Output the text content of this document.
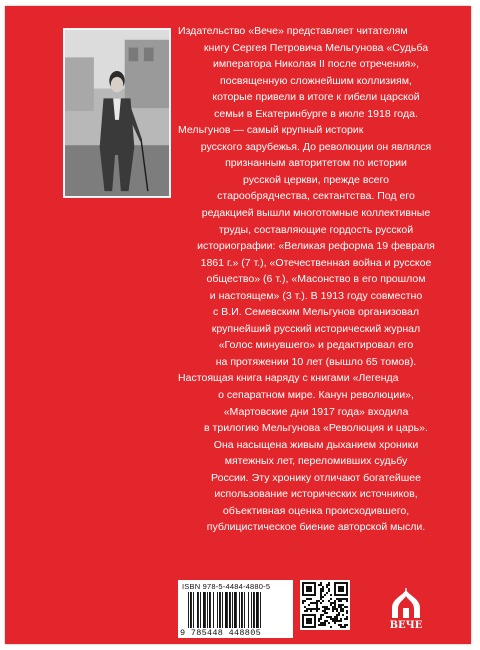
Издательство «Вече» представляет читателям
книгу Сергея Петровича Мельгунова «Судьба
императора Николая II после отречения»,
посвященную сложнейшим коллизиям,
которые привели в итоге к гибели царской
семьи в Екатеринбурге в июле 1918 года.
Мельгунов — самый крупный историк
русского зарубежья. До революции он являлся
признанным авторитетом по истории
русской церкви, прежде всего
старообрядчества, сектантства. Под его
редакцией вышли многотомные коллективные
труды, составляющие гордость русской
историографии: «Великая реформа 19 февраля
1861 г.» (7 т.), «Отечественная война и русское
общество» (6 т.), «Масонство в его прошлом
и настоящем» (3 т.). В 1913 году совместно
с В.И. Семевским Мельгунов организовал
крупнейший русский исторический журнал
«Голос минувшего» и редактировал его
на протяжении 10 лет (вышло 65 томов).
Настоящая книга наряду с книгами «Легенда
о сепаратном мире. Канун революции»,
«Мартовские дни 1917 года» входила
в трилогию Мельгунова «Революция и царь».
Она насыщена живым дыханием хроники
мятежных лет, переломивших судьбу
России. Эту хронику отличают богатейшее
использование исторических источников,
объективная оценка происходившего,
публицистическое биение авторской мысли.

ISBN 978-5-4484-4880-5
9 785448 448805
ВЕЧЕ
